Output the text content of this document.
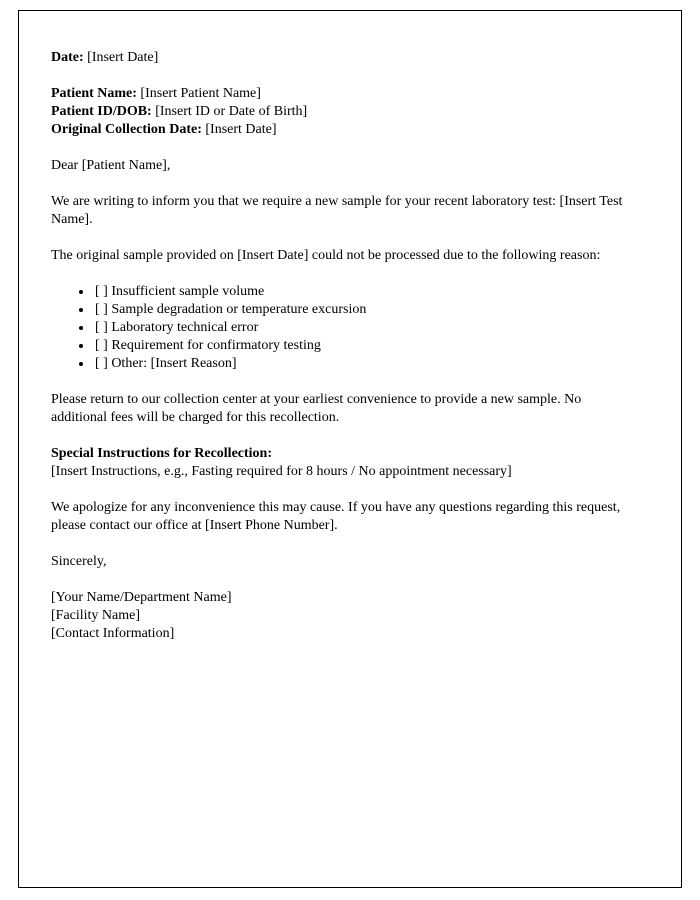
Date: [Insert Date]

Patient Name: [Insert Patient Name]

Patient ID/DOB: [Insert ID or Date of Birth]

Original Collection Date: [Insert Date]

Dear [Patient Name],

We are writing to inform you that we require a new sample for your recent laboratory test: [Insert Test Name].

The original sample provided on [Insert Date] could not be processed due to the following reason:

• [ ] Insufficient sample volume
• [ ] Sample degradation or temperature excursion
• [ ] Laboratory technical error
• [ ] Requirement for confirmatory testing
• [ ] Other: [Insert Reason]

Please return to our collection center at your earliest convenience to provide a new sample. No additional fees will be charged for this recollection.

Special Instructions for Recollection:

[Insert Instructions, e.g., Fasting required for 8 hours / No appointment necessary]

We apologize for any inconvenience this may cause. If you have any questions regarding this request, please contact our office at [Insert Phone Number].

Sincerely,

[Your Name/Department Name]

[Facility Name]

[Contact Information]
